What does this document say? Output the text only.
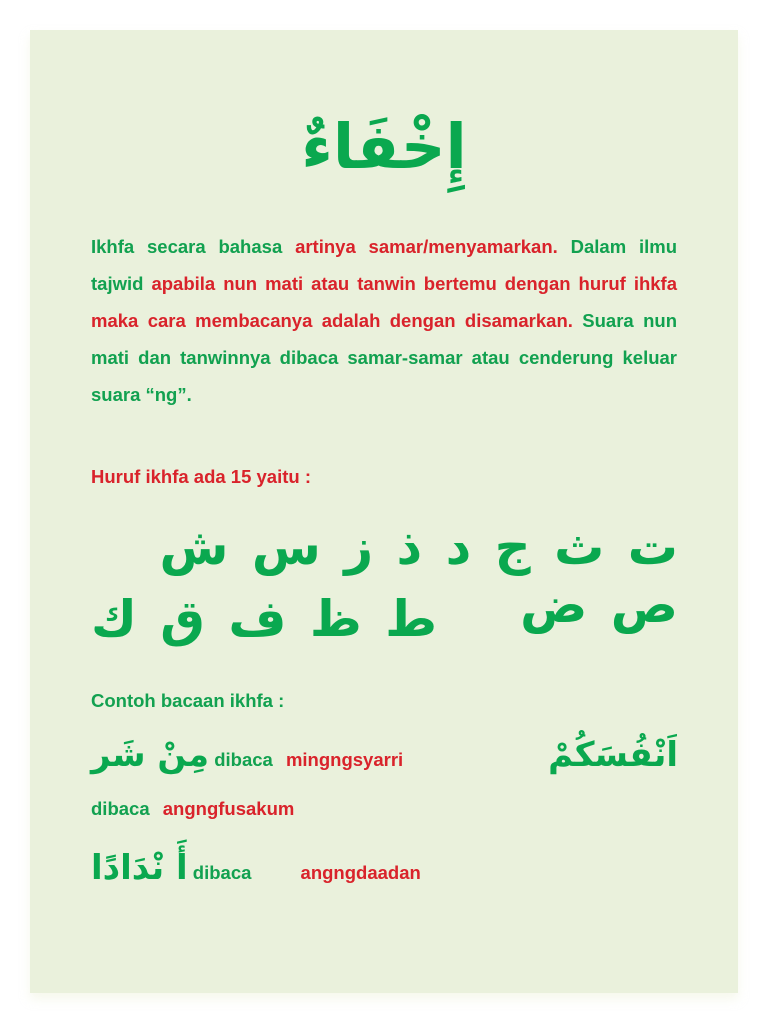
إِخْفَاءٌ
Ikhfa secara bahasa artinya samar/menyamarkan. Dalam ilmu tajwid apabila nun mati atau tanwin bertemu dengan huruf ihkfa maka cara membacanya adalah dengan disamarkan. Suara nun mati dan tanwinnya dibaca samar-samar atau cenderung keluar suara “ng”.
Huruf ikhfa ada 15 yaitu :
ت ث ج د ذ ز س ش ص ض
ط ظ ف ق ك
Contoh bacaan ikhfa :
مِنْ شَر dibaca mingngsyarri	اَنْفُسَكُمْ
dibaca angngfusakum
أَ نْدَادًا dibaca	angngdaadan
